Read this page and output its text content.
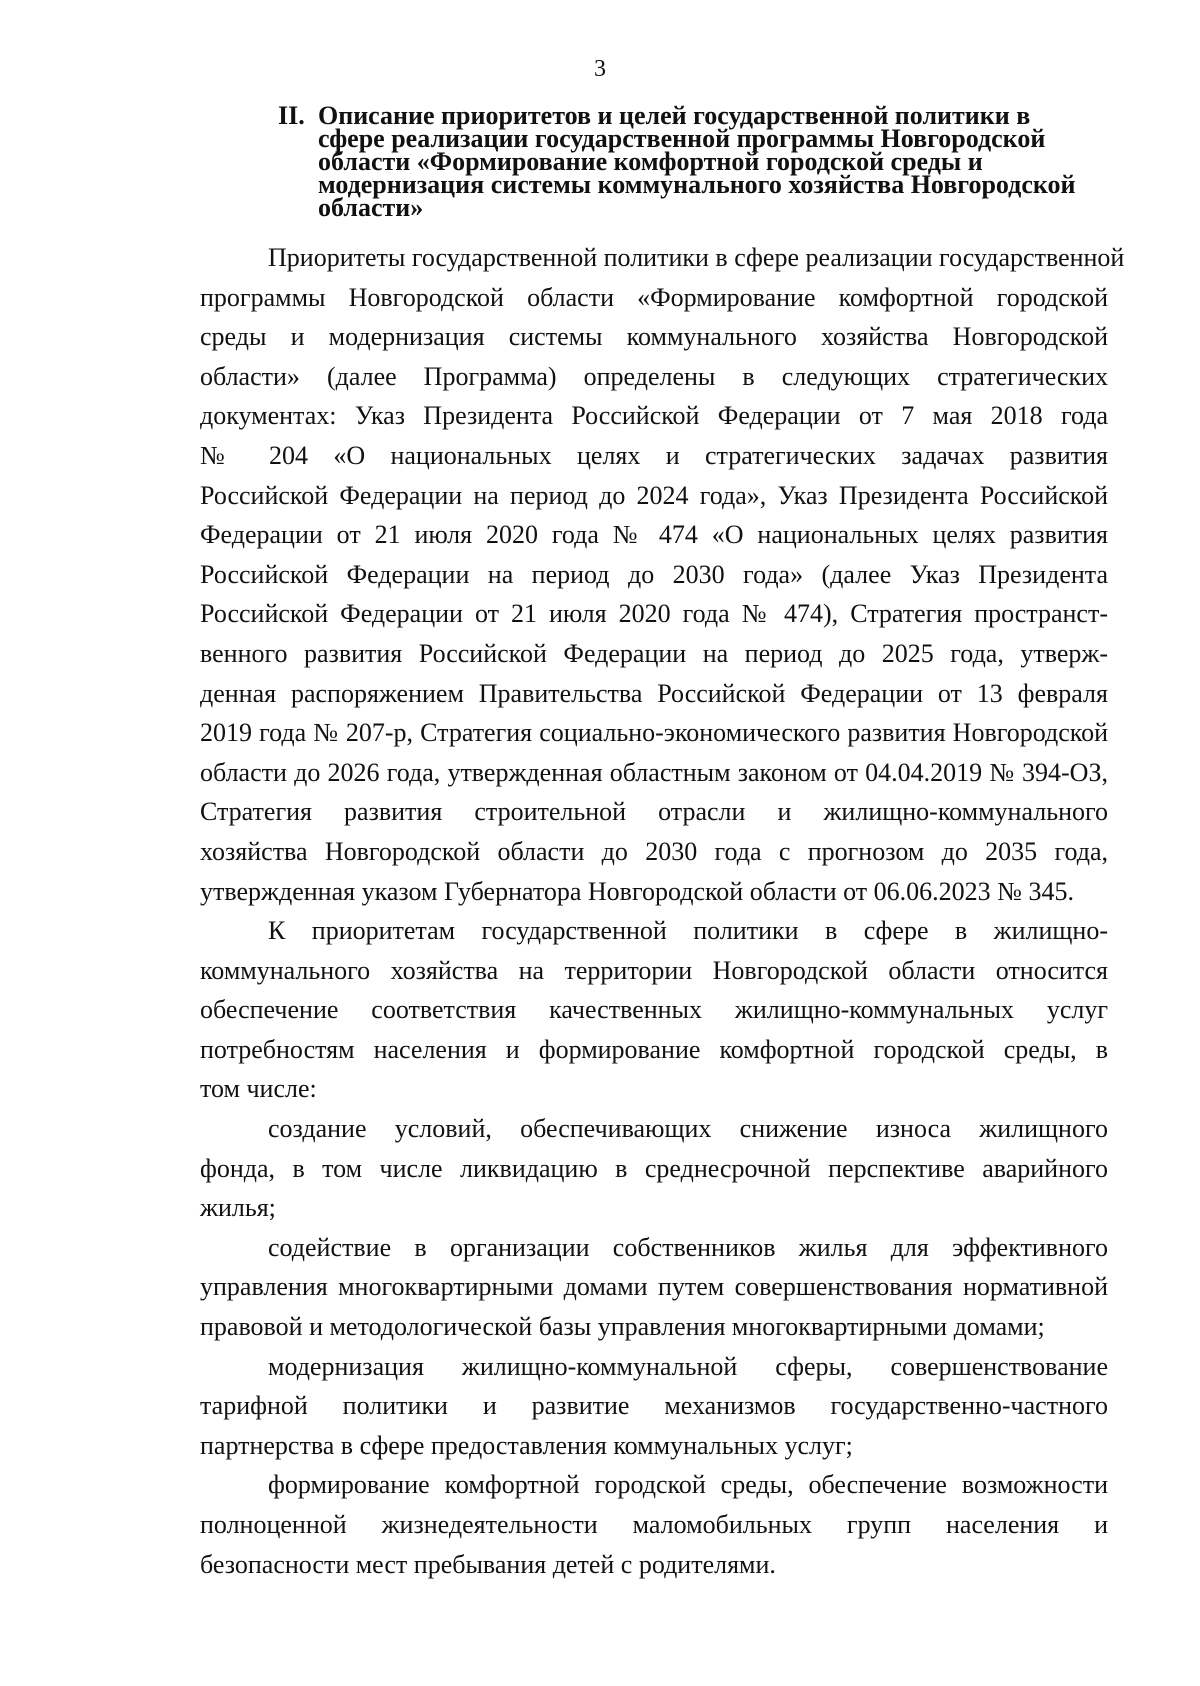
3
II. Описание приоритетов и целей государственной политики в
сфере реализации государственной программы Новгородской
области «Формирование комфортной городской среды и
модернизация системы коммунального хозяйства Новгородской
области»
Приоритеты государственной политики в сфере реализации государственной
программы Новгородской области «Формирование комфортной городской
среды и модернизация системы коммунального хозяйства Новгородской
области» (далее Программа) определены в следующих стратегических
документах: Указ Президента Российской Федерации от 7 мая 2018 года
№ 204 «О национальных целях и стратегических задачах развития
Российской Федерации на период до 2024 года», Указ Президента Российской
Федерации от 21 июля 2020 года № 474 «О национальных целях развития
Российской Федерации на период до 2030 года» (далее Указ Президента
Российской Федерации от 21 июля 2020 года № 474), Стратегия пространст-
венного развития Российской Федерации на период до 2025 года, утверж-
денная распоряжением Правительства Российской Федерации от 13 февраля
2019 года № 207-р, Стратегия социально-экономического развития Новгородской
области до 2026 года, утвержденная областным законом от 04.04.2019 № 394-ОЗ,
Стратегия развития строительной отрасли и жилищно-коммунального
хозяйства Новгородской области до 2030 года с прогнозом до 2035 года,
утвержденная указом Губернатора Новгородской области от 06.06.2023 № 345.
К приоритетам государственной политики в сфере в жилищно-
коммунального хозяйства на территории Новгородской области относится
обеспечение соответствия качественных жилищно-коммунальных услуг
потребностям населения и формирование комфортной городской среды, в
том числе:
создание условий, обеспечивающих снижение износа жилищного
фонда, в том числе ликвидацию в среднесрочной перспективе аварийного
жилья;
содействие в организации собственников жилья для эффективного
управления многоквартирными домами путем совершенствования нормативной
правовой и методологической базы управления многоквартирными домами;
модернизация жилищно-коммунальной сферы, совершенствование
тарифной политики и развитие механизмов государственно-частного
партнерства в сфере предоставления коммунальных услуг;
формирование комфортной городской среды, обеспечение возможности
полноценной жизнедеятельности маломобильных групп населения и
безопасности мест пребывания детей с родителями.
